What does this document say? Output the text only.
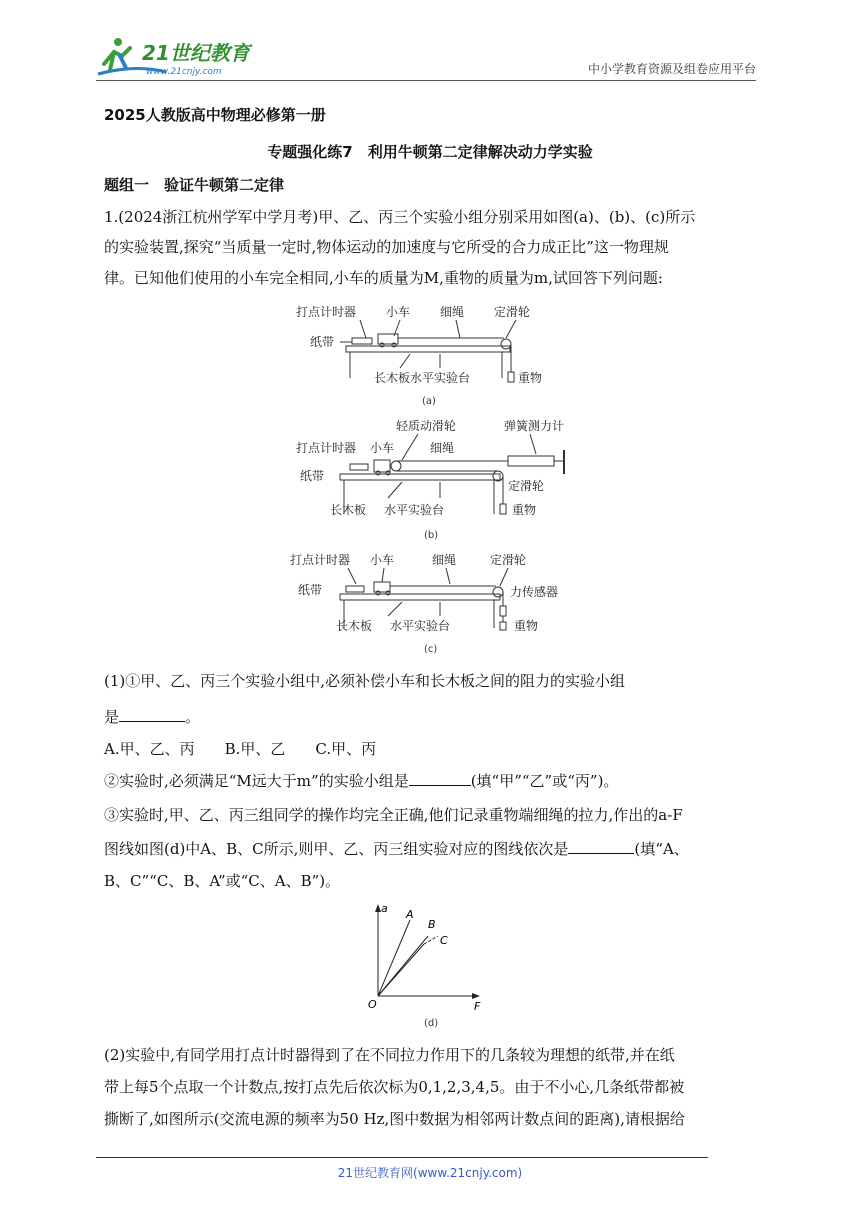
21世纪教育
www.21cnjy.com	中小学教育资源及组卷应用平台
2025人教版高中物理必修第一册
专题强化练7　利用牛顿第二定律解决动力学实验
题组一　验证牛顿第二定律
1.(2024浙江杭州学军中学月考)甲、乙、丙三个实验小组分别采用如图(a)、(b)、(c)所示
的实验装置,探究“当质量一定时,物体运动的加速度与它所受的合力成正比”这一物理规
律。已知他们使用的小车完全相同,小车的质量为M,重物的质量为m,试回答下列问题:
打点计时器 小车 细绳 定滑轮
纸带
长木板 水平实验台	重物
(a)
轻质动滑轮	弹簧测力计
打点计时器 小车	细绳
纸带
定滑轮
长木板 水平实验台	重物
(b)
打点计时器 小车	细绳	定滑轮
纸带	力传感器
长木板 水平实验台	重物
(c)
(1)①甲、乙、丙三个实验小组中,必须补偿小车和长木板之间的阻力的实验小组
是	。
A.甲、乙、丙　　B.甲、乙　　C.甲、丙
②实验时,必须满足“M远大于m”的实验小组是	(填“甲”“乙”或“丙”)。
③实验时,甲、乙、丙三组同学的操作均完全正确,他们记录重物端细绳的拉力,作出的a-F
图线如图(d)中A、B、C所示,则甲、乙、丙三组实验对应的图线依次是	(填“A、
B、C”“C、B、A”或“C、A、B”)。
a
F
O
A
B
C
(d)
(2)实验中,有同学用打点计时器得到了在不同拉力作用下的几条较为理想的纸带,并在纸
带上每5个点取一个计数点,按打点先后依次标为0,1,2,3,4,5。由于不小心,几条纸带都被
撕断了,如图所示(交流电源的频率为50 Hz,图中数据为相邻两计数点间的距离),请根据给
21世纪教育网(www.21cnjy.com)
